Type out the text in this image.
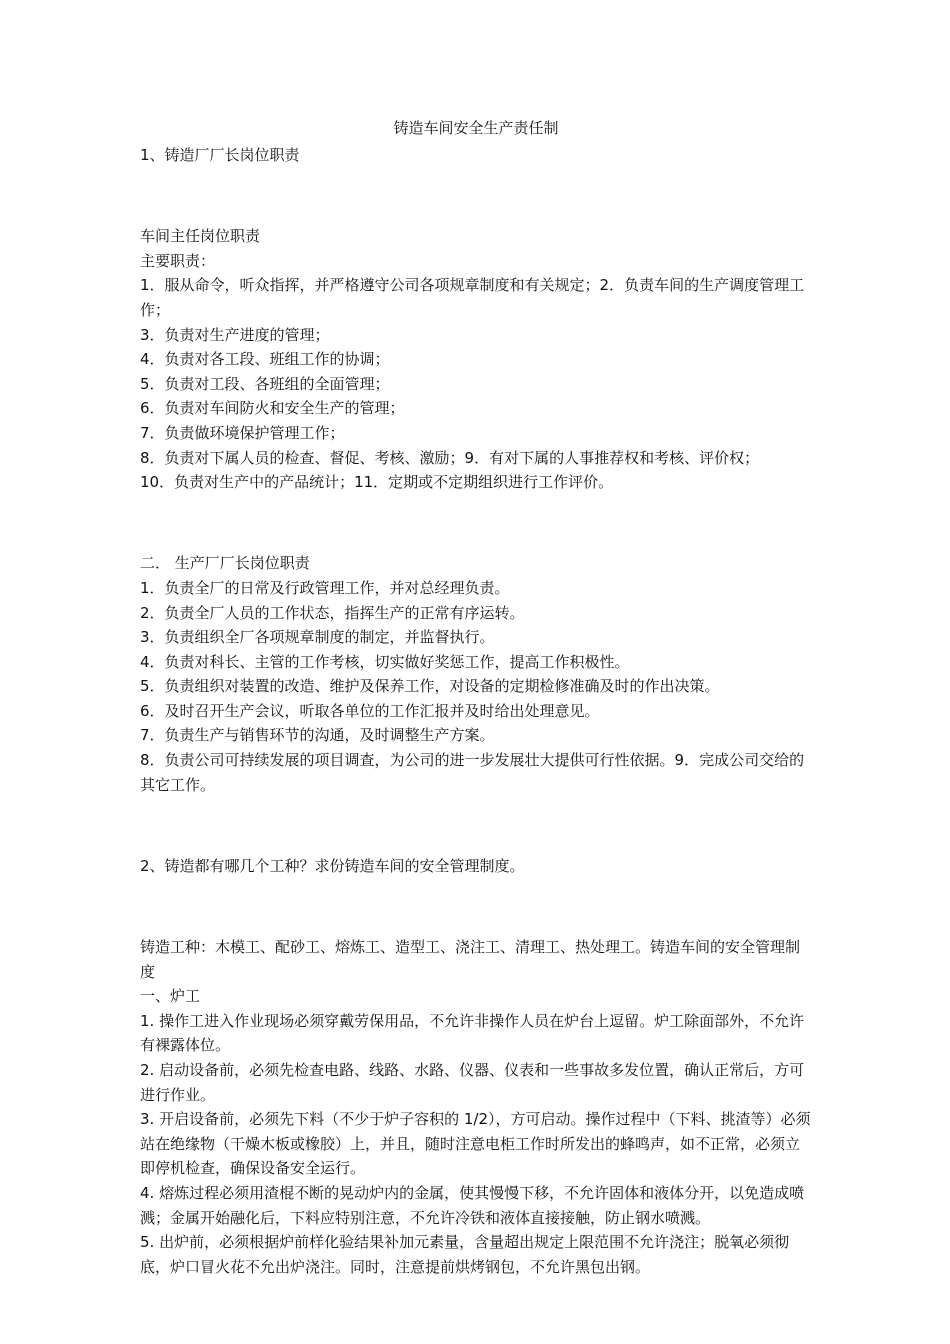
铸造车间安全生产责任制

1、铸造厂厂长岗位职责

车间主任岗位职责

主要职责：

1．服从命令，听众指挥，并严格遵守公司各项规章制度和有关规定；2．负责车间的生产调度管理工作；

3．负责对生产进度的管理；

4．负责对各工段、班组工作的协调；

5．负责对工段、各班组的全面管理；

6．负责对车间防火和安全生产的管理；

7．负责做环境保护管理工作；

8．负责对下属人员的检查、督促、考核、激励；9．有对下属的人事推荐权和考核、评价权；

10．负责对生产中的产品统计；11．定期或不定期组织进行工作评价。

二． 生产厂厂长岗位职责

1．负责全厂的日常及行政管理工作，并对总经理负责。

2．负责全厂人员的工作状态，指挥生产的正常有序运转。

3．负责组织全厂各项规章制度的制定，并监督执行。

4．负责对科长、主管的工作考核，切实做好奖惩工作，提高工作积极性。

5．负责组织对装置的改造、维护及保养工作，对设备的定期检修准确及时的作出决策。

6．及时召开生产会议，听取各单位的工作汇报并及时给出处理意见。

7．负责生产与销售环节的沟通，及时调整生产方案。

8．负责公司可持续发展的项目调查，为公司的进一步发展壮大提供可行性依据。9．完成公司交给的其它工作。

2、铸造都有哪几个工种？求份铸造车间的安全管理制度。

铸造工种：木模工、配砂工、熔炼工、造型工、浇注工、清理工、热处理工。铸造车间的安全管理制度

一、炉工

1. 操作工进入作业现场必须穿戴劳保用品，不允许非操作人员在炉台上逗留。炉工除面部外，不允许有裸露体位。

2. 启动设备前，必须先检查电路、线路、水路、仪器、仪表和一些事故多发位置，确认正常后，方可进行作业。

3. 开启设备前，必须先下料（不少于炉子容积的 1/2），方可启动。操作过程中（下料、挑渣等）必须站在绝缘物（干燥木板或橡胶）上，并且，随时注意电柜工作时所发出的蜂鸣声，如不正常，必须立即停机检查，确保设备安全运行。

4. 熔炼过程必须用渣棍不断的晃动炉内的金属，使其慢慢下移，不允许固体和液体分开，以免造成喷溅；金属开始融化后，下料应特别注意，不允许冷铁和液体直接接触，防止钢水喷溅。

5. 出炉前，必须根据炉前样化验结果补加元素量，含量超出规定上限范围不允许浇注；脱氧必须彻底，炉口冒火花不允出炉浇注。同时，注意提前烘烤钢包，不允许黑包出钢。
